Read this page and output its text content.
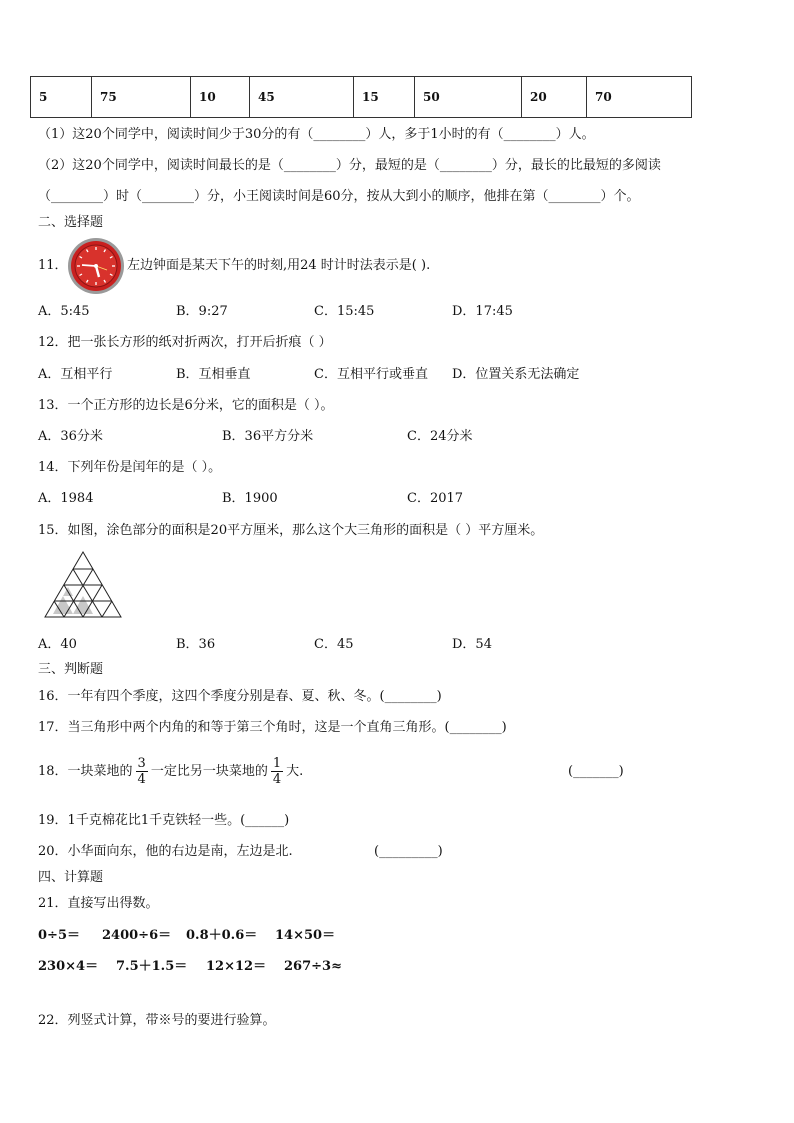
5	75	10	45	15	50	20	70
（1）这20个同学中，阅读时间少于30分的有（________）人，多于1小时的有（________）人。
（2）这20个同学中，阅读时间最长的是（________）分，最短的是（________）分，最长的比最短的多阅读
（________）时（________）分，小王阅读时间是60分，按从大到小的顺序，他排在第（________）个。
二、选择题
11．	左边钟面是某天下午的时刻,用24 时计时法表示是( ).
A．5:45	B．9:27	C．15:45	D．17:45
12．把一张长方形的纸对折两次，打开后折痕（ ）
A．互相平行	B．互相垂直	C．互相平行或垂直 D．位置关系无法确定
13．一个正方形的边长是6分米，它的面积是（ ）。
A．36分米	B．36平方分米	C．24分米
14．下列年份是闰年的是（ ）。
A．1984	B．1900	C．2017
15．如图，涂色部分的面积是20平方厘米，那么这个大三角形的面积是（ ）平方厘米。
A．40	B．36	C．45	D．54
三、判断题
16．一年有四个季度，这四个季度分别是春、夏、秋、冬。(________)
17．当三角形中两个内角的和等于第三个角时，这是一个直角三角形。(________)
18．一块菜地的 $\frac{3}{4}$ 一定比另一块菜地的 $\frac{1}{4}$ 大.	(_______)
19．1千克棉花比1千克铁轻一些。(______)
20．小华面向东，他的右边是南，左边是北.	(_________)
四、计算题
21．直接写出得数。
0÷5＝ 2400÷6＝ 0.8＋0.6＝ 14×50＝
230×4＝ 7.5＋1.5＝ 12×12＝ 267÷3≈
22．列竖式计算，带※号的要进行验算。
